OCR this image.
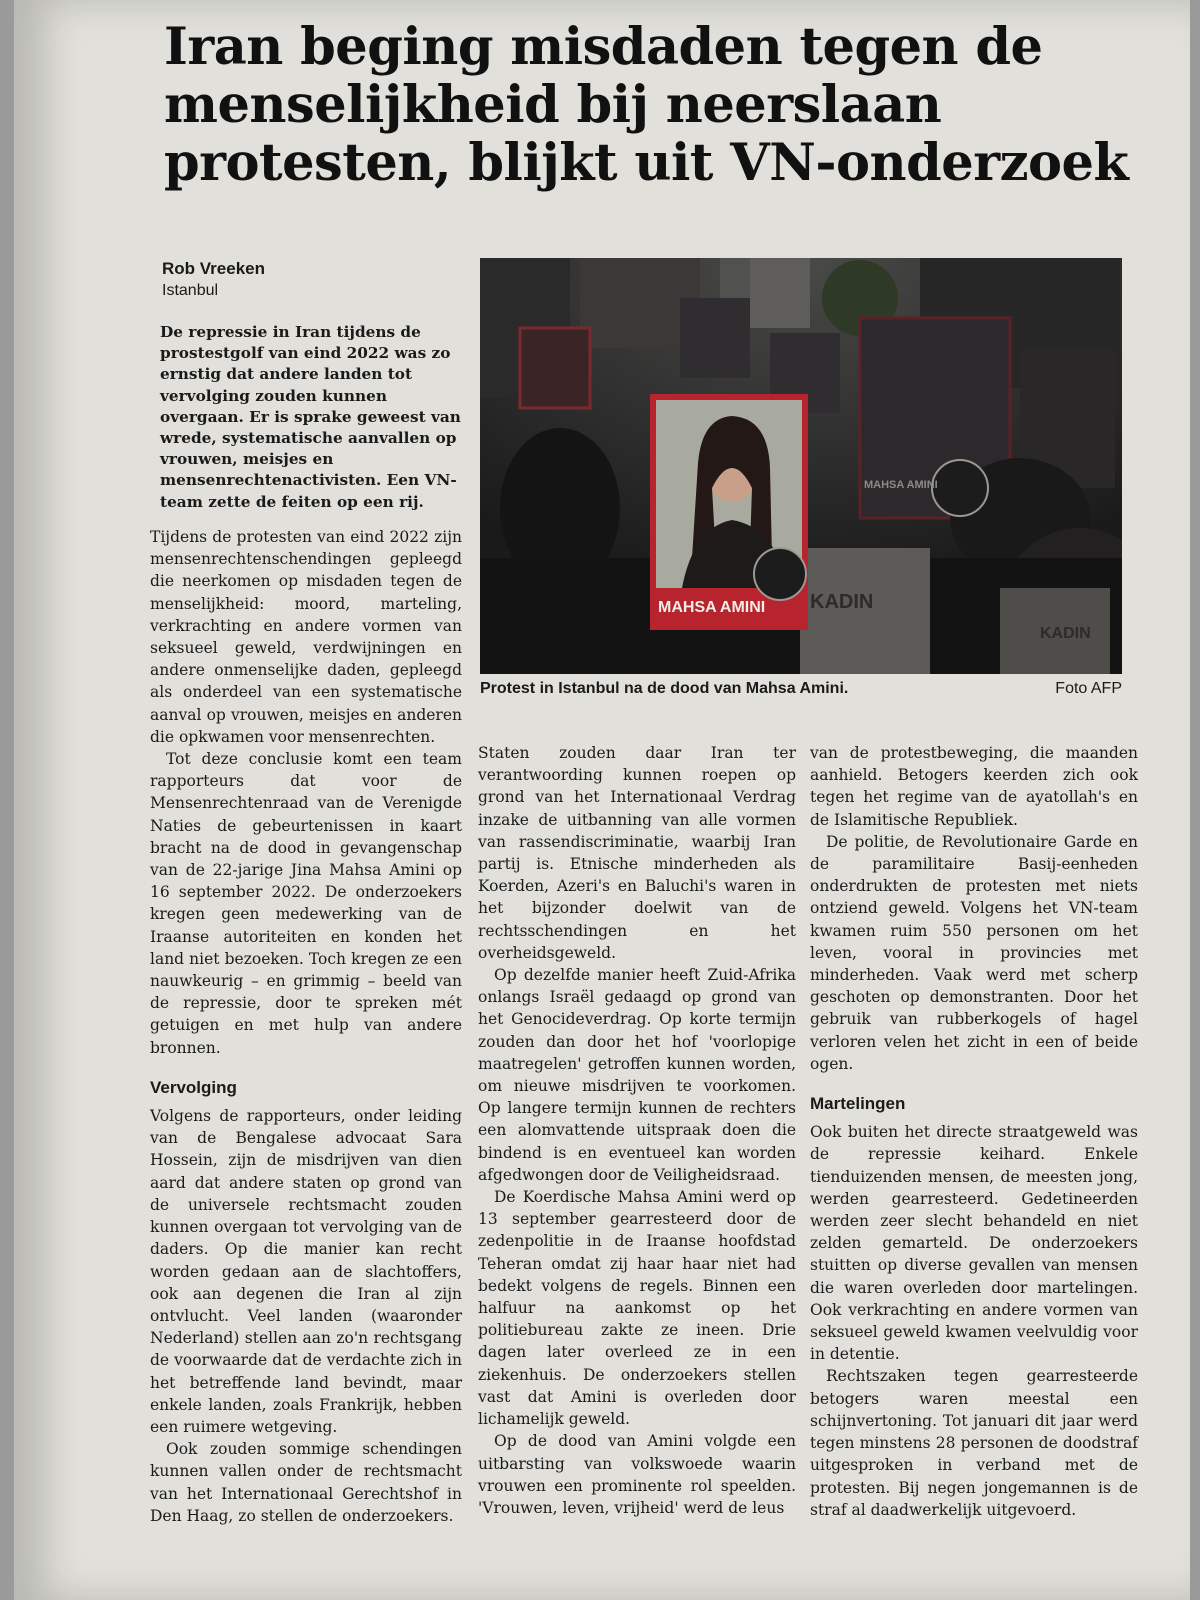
Iran beging misdaden tegen de menselijkheid bij neerslaan protesten, blijkt uit VN-onderzoek
Rob Vreeken
Istanbul

De repressie in Iran tijdens de prostestgolf van eind 2022 was zo ernstig dat andere landen tot vervolging zouden kunnen overgaan. Er is sprake geweest van wrede, systematische aanvallen op vrouwen, meisjes en mensenrechtenactivisten. Een VN-team zette de feiten op een rij.

MAHSA AMINI
MAHSA AMINI
KADIN
KADIN
Protest in Istanbul na de dood van Mahsa Amini.	Foto AFP

Tijdens de protesten van eind 2022 zijn mensenrechtenschendingen gepleegd die neerkomen op misdaden tegen de menselijkheid: moord, marteling, verkrachting en andere vormen van seksueel geweld, verdwijningen en andere onmenselijke daden, gepleegd als onderdeel van een systematische aanval op vrouwen, meisjes en anderen die opkwamen voor mensenrechten.

Tot deze conclusie komt een team rapporteurs dat voor de Mensenrechtenraad van de Verenigde Naties de gebeurtenissen in kaart bracht na de dood in gevangenschap van de 22-jarige Jina Mahsa Amini op 16 september 2022. De onderzoekers kregen geen medewerking van de Iraanse autoriteiten en konden het land niet bezoeken. Toch kregen ze een nauwkeurig – en grimmig – beeld van de repressie, door te spreken mét getuigen en met hulp van andere bronnen.

Vervolging

Volgens de rapporteurs, onder leiding van de Bengalese advocaat Sara Hossein, zijn de misdrijven van dien aard dat andere staten op grond van de universele rechtsmacht zouden kunnen overgaan tot vervolging van de daders. Op die manier kan recht worden gedaan aan de slachtoffers, ook aan degenen die Iran al zijn ontvlucht. Veel landen (waaronder Nederland) stellen aan zo'n rechtsgang de voorwaarde dat de verdachte zich in het betreffende land bevindt, maar enkele landen, zoals Frankrijk, hebben een ruimere wetgeving.

Ook zouden sommige schendingen kunnen vallen onder de rechtsmacht van het Internationaal Gerechtshof in Den Haag, zo stellen de onderzoekers.

Staten zouden daar Iran ter verantwoording kunnen roepen op grond van het Internationaal Verdrag inzake de uitbanning van alle vormen van rassendiscriminatie, waarbij Iran partij is. Etnische minderheden als Koerden, Azeri's en Baluchi's waren in het bijzonder doelwit van de rechtsschendingen en het overheidsgeweld.

Op dezelfde manier heeft Zuid-Afrika onlangs Israël gedaagd op grond van het Genocideverdrag. Op korte termijn zouden dan door het hof 'voorlopige maatregelen' getroffen kunnen worden, om nieuwe misdrijven te voorkomen. Op langere termijn kunnen de rechters een alomvattende uitspraak doen die bindend is en eventueel kan worden afgedwongen door de Veiligheidsraad.

De Koerdische Mahsa Amini werd op 13 september gearresteerd door de zedenpolitie in de Iraanse hoofdstad Teheran omdat zij haar haar niet had bedekt volgens de regels. Binnen een halfuur na aankomst op het politiebureau zakte ze ineen. Drie dagen later overleed ze in een ziekenhuis. De onderzoekers stellen vast dat Amini is overleden door lichamelijk geweld.

Op de dood van Amini volgde een uitbarsting van volkswoede waarin vrouwen een prominente rol speelden. 'Vrouwen, leven, vrijheid' werd de leus

van de protestbeweging, die maanden aanhield. Betogers keerden zich ook tegen het regime van de ayatollah's en de Islamitische Republiek.

De politie, de Revolutionaire Garde en de paramilitaire Basij-eenheden onderdrukten de protesten met niets ontziend geweld. Volgens het VN-team kwamen ruim 550 personen om het leven, vooral in provincies met minderheden. Vaak werd met scherp geschoten op demonstranten. Door het gebruik van rubberkogels of hagel verloren velen het zicht in een of beide ogen.

Martelingen

Ook buiten het directe straatgeweld was de repressie keihard. Enkele tienduizenden mensen, de meesten jong, werden gearresteerd. Gedetineerden werden zeer slecht behandeld en niet zelden gemarteld. De onderzoekers stuitten op diverse gevallen van mensen die waren overleden door martelingen. Ook verkrachting en andere vormen van seksueel geweld kwamen veelvuldig voor in detentie.

Rechtszaken tegen gearresteerde betogers waren meestal een schijnvertoning. Tot januari dit jaar werd tegen minstens 28 personen de doodstraf uitgesproken in verband met de protesten. Bij negen jongemannen is de straf al daadwerkelijk uitgevoerd.
